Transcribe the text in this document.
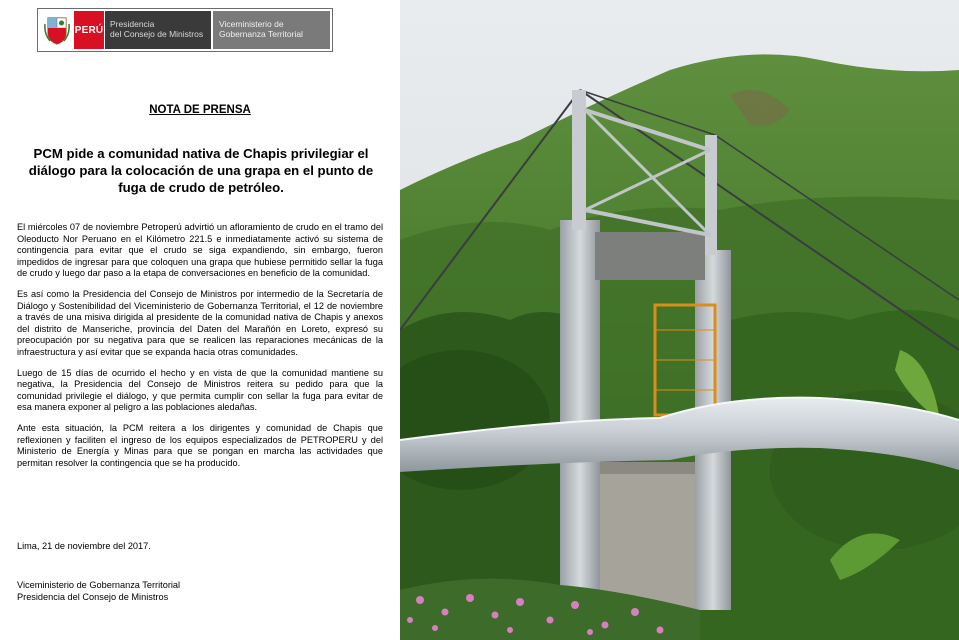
PERÚ
Presidencia
del Consejo de Ministros
Viceministerio de
Gobernanza Territorial
NOTA DE PRENSA
PCM pide a comunidad nativa de Chapis privilegiar el diálogo para la colocación de una grapa en el punto de fuga de crudo de petróleo.

El miércoles 07 de noviembre Petroperú advirtió un afloramiento de crudo en el tramo del Oleoducto Nor Peruano en el Kilómetro 221.5 e inmediatamente activó su sistema de contingencia para evitar que el crudo se siga expandiendo, sin embargo, fueron impedidos de ingresar para que coloquen una grapa que hubiese permitido sellar la fuga de crudo y luego dar paso a la etapa de conversaciones en beneficio de la comunidad.

Es así como la Presidencia del Consejo de Ministros por intermedio de la Secretaría de Diálogo y Sostenibilidad del Viceministerio de Gobernanza Territorial, el 12 de noviembre a través de una misiva dirigida al presidente de la comunidad nativa de Chapis y anexos del distrito de Manseriche, provincia del Daten del Marañón en Loreto, expresó su preocupación por su negativa para que se realicen las reparaciones mecánicas de la infraestructura y así evitar que se expanda hacia otras comunidades.

Luego de 15 días de ocurrido el hecho y en vista de que la comunidad mantiene su negativa, la Presidencia del Consejo de Ministros reitera su pedido para que la comunidad privilegie el diálogo, y que permita cumplir con sellar la fuga para evitar de esa manera exponer al peligro a las poblaciones aledañas.

Ante esta situación, la PCM reitera a los dirigentes y comunidad de Chapis que reflexionen y faciliten el ingreso de los equipos especializados de PETROPERU y del Ministerio de Energía y Minas para que se pongan en marcha las actividades que permitan resolver la contingencia que se ha producido.

Lima, 21 de noviembre del 2017.
Viceministerio de Gobernanza Territorial
Presidencia del Consejo de Ministros
